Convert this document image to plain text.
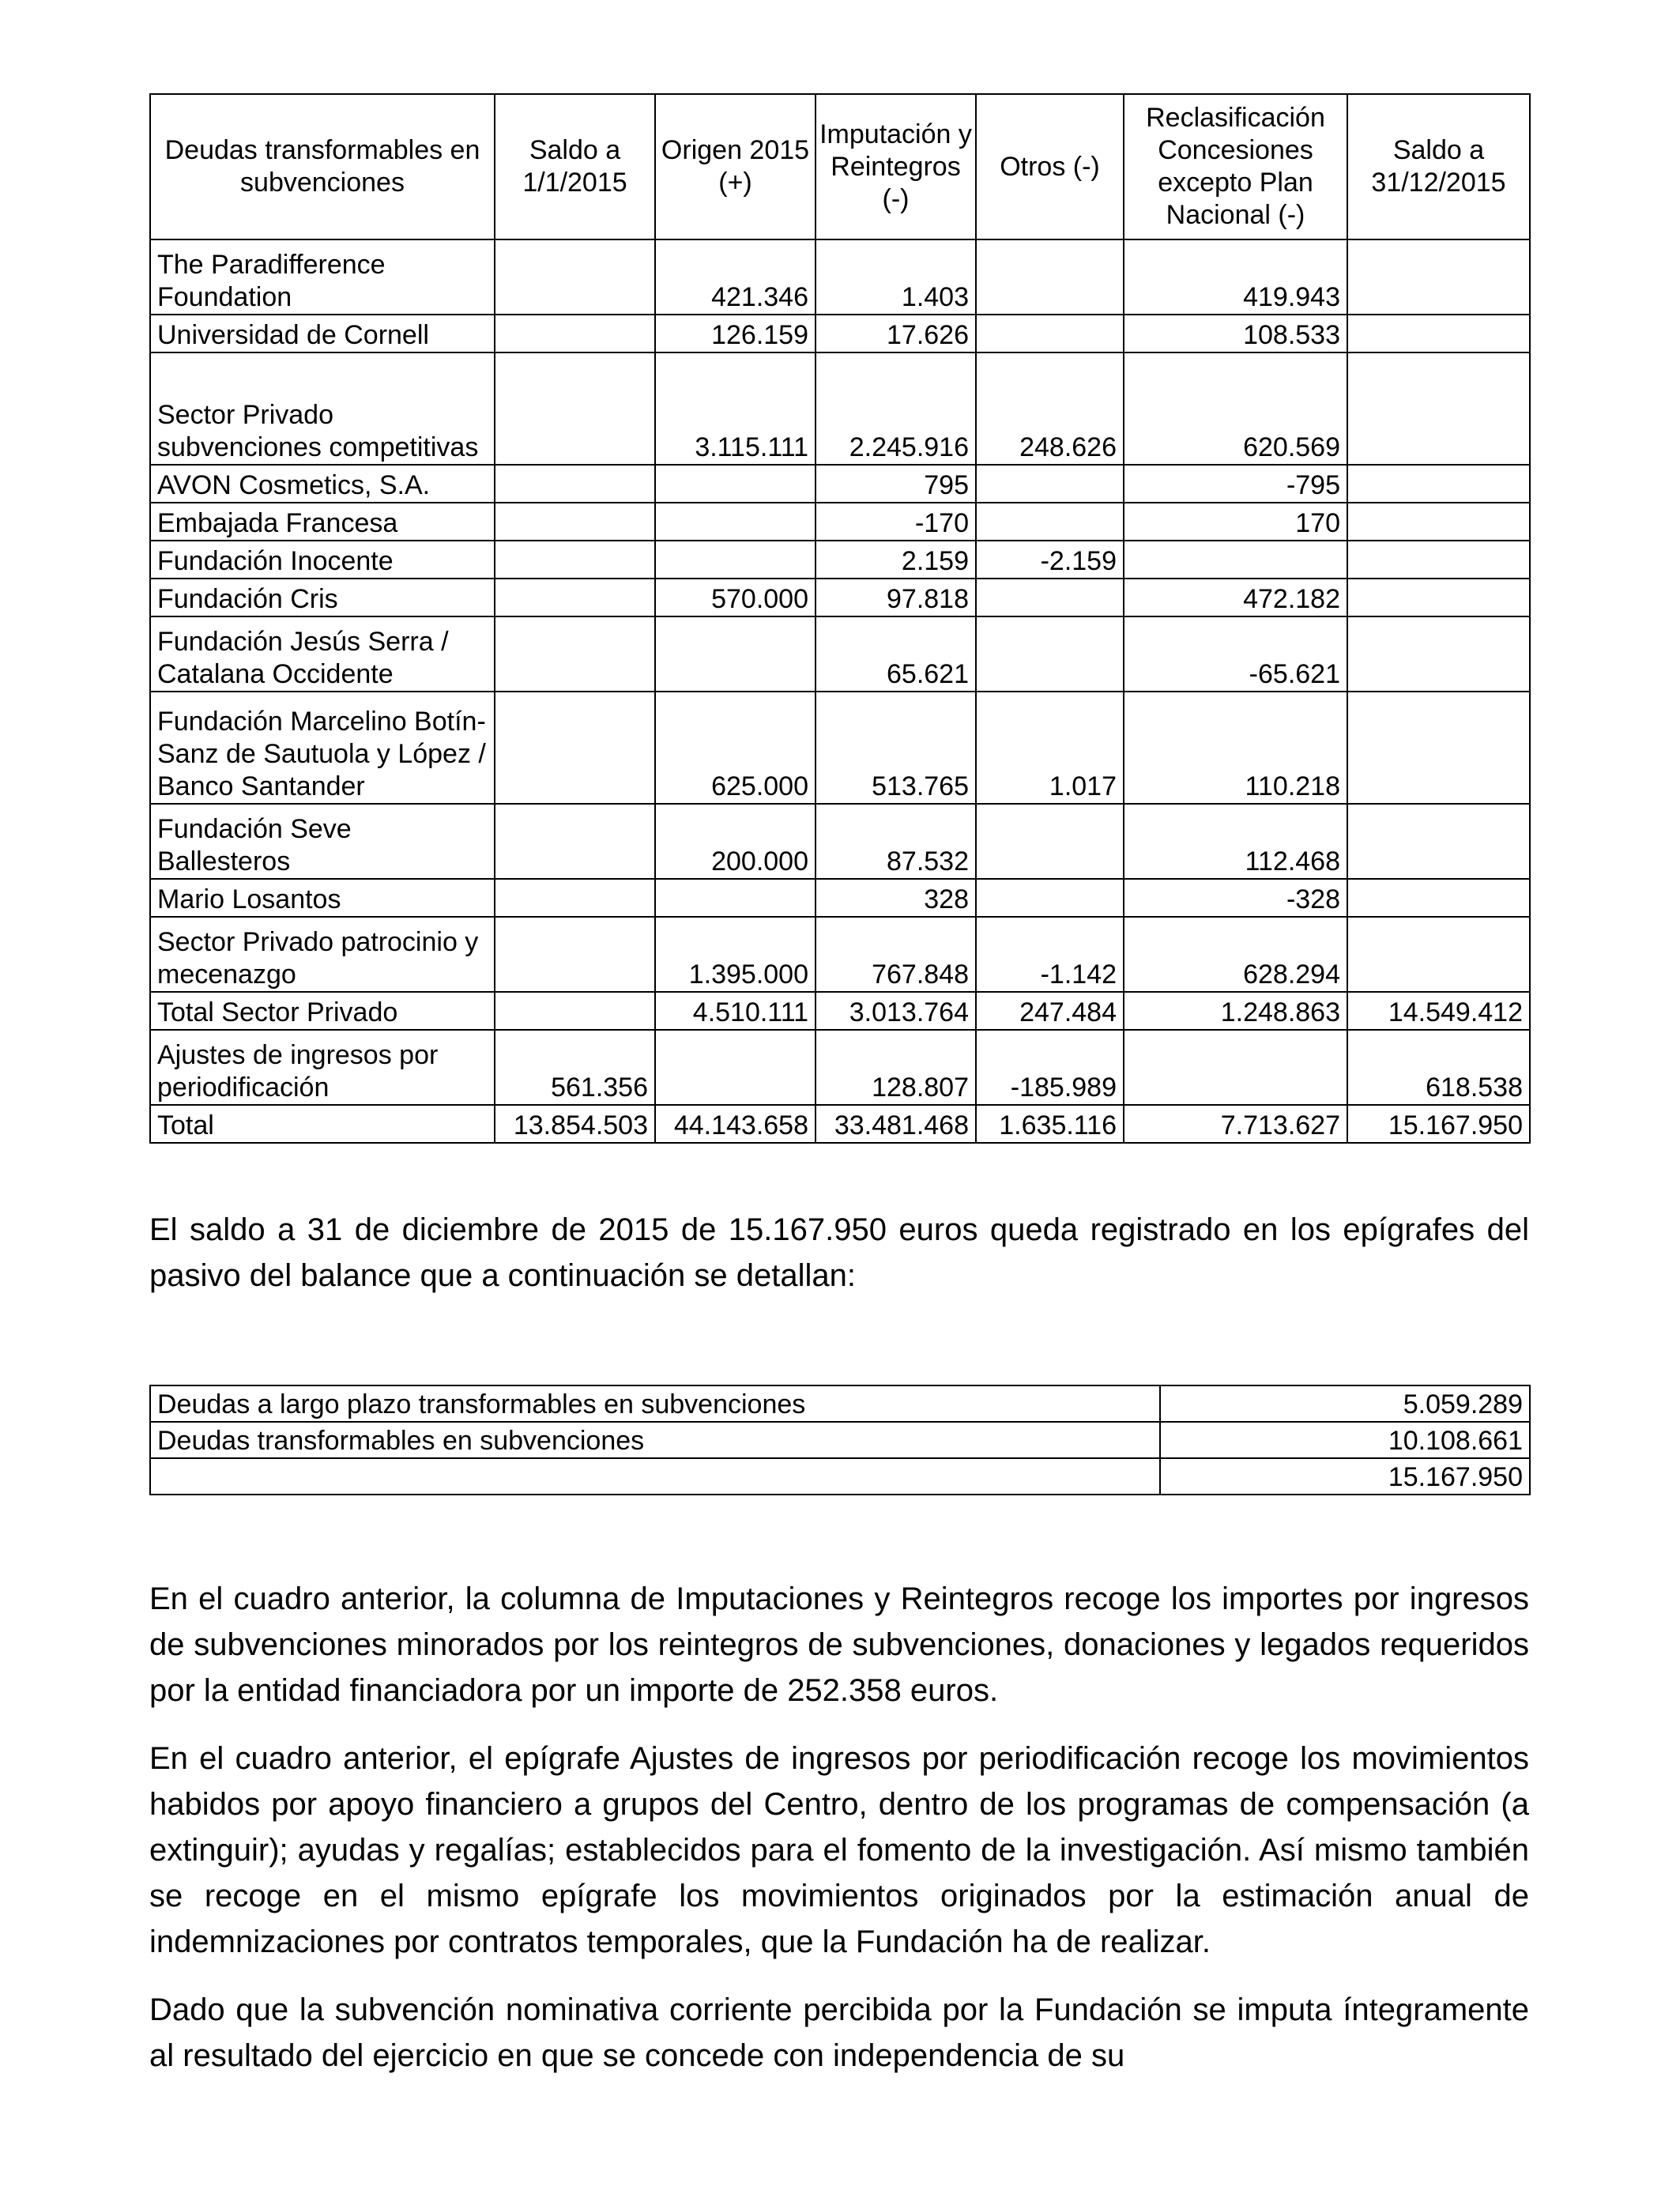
Deudas transformables en subvenciones	Saldo a 1/1/2015	Origen 2015 (+)	Imputación y Reintegros (-)	Otros (-)	Reclasificación Concesiones excepto Plan Nacional (-)	Saldo a 31/12/2015
The Paradifference Foundation		421.346	1.403		419.943	
Universidad de Cornell		126.159	17.626		108.533	
Sector Privado subvenciones competitivas		3.115.111	2.245.916	248.626	620.569	
AVON Cosmetics, S.A.			795		-795	
Embajada Francesa			-170		170	
Fundación Inocente			2.159	-2.159		
Fundación Cris		570.000	97.818		472.182	
Fundación Jesús Serra / Catalana Occidente			65.621		-65.621	
Fundación Marcelino Botín-Sanz de Sautuola y López / Banco Santander		625.000	513.765	1.017	110.218	
Fundación Seve Ballesteros		200.000	87.532		112.468	
Mario Losantos			328		-328	
Sector Privado patrocinio y mecenazgo		1.395.000	767.848	-1.142	628.294	
Total Sector Privado		4.510.111	3.013.764	247.484	1.248.863	14.549.412
Ajustes de ingresos por periodificación	561.356		128.807	-185.989		618.538
Total	13.854.503	44.143.658	33.481.468	1.635.116	7.713.627	15.167.950

El saldo a 31 de diciembre de 2015 de 15.167.950 euros queda registrado en los epígrafes del pasivo del balance que a continuación se detallan:

Deudas a largo plazo transformables en subvenciones	5.059.289
Deudas transformables en subvenciones	10.108.661
	15.167.950

En el cuadro anterior, la columna de Imputaciones y Reintegros recoge los importes por ingresos de subvenciones minorados por los reintegros de subvenciones, donaciones y legados requeridos por la entidad financiadora por un importe de 252.358 euros.

En el cuadro anterior, el epígrafe Ajustes de ingresos por periodificación recoge los movimientos habidos por apoyo financiero a grupos del Centro, dentro de los programas de compensación (a extinguir); ayudas y regalías; establecidos para el fomento de la investigación. Así mismo también se recoge en el mismo epígrafe los movimientos originados por la estimación anual de indemnizaciones por contratos temporales, que la Fundación ha de realizar.

Dado que la subvención nominativa corriente percibida por la Fundación se imputa íntegramente al resultado del ejercicio en que se concede con independencia de su
